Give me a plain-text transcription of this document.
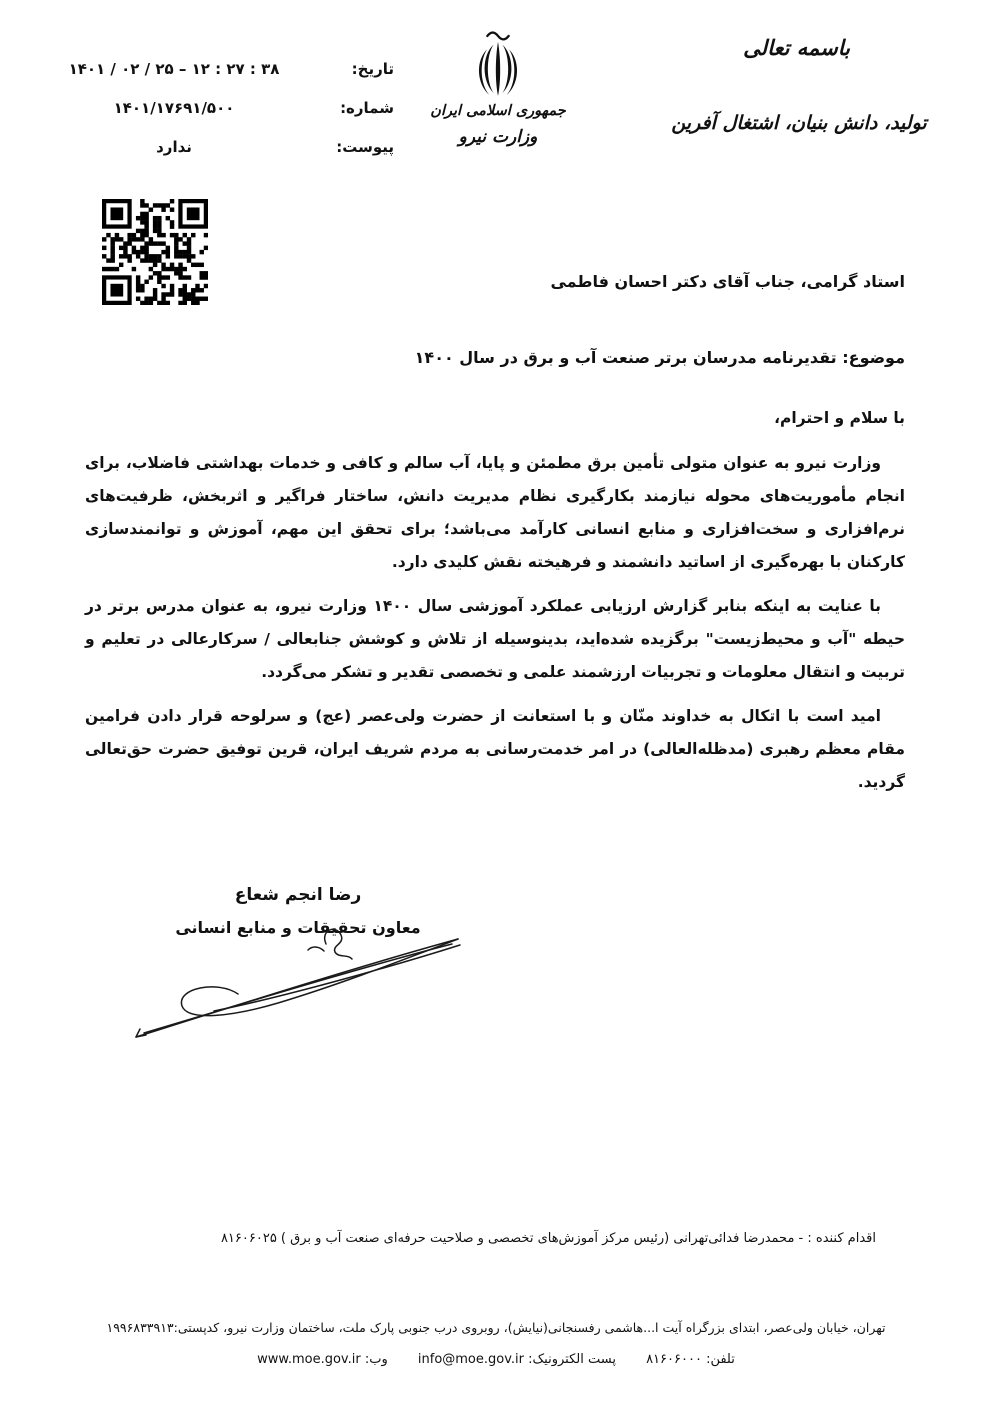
باسمه تعالی
تولید، دانش بنیان، اشتغال آفرین
جمهوری اسلامی ایران
وزارت نیرو
تاریخ:
۱۴۰۱ / ۰۲ / ۲۵ – ۱۲ : ۲۷ : ۳۸
شماره:
۱۴۰۱/۱۷۶۹۱/۵۰۰
پیوست:
ندارد
استاد گرامی، جناب آقای دکتر احسان فاطمی
موضوع: تقدیرنامه مدرسان برتر صنعت آب و برق در سال ۱۴۰۰
با سلام و احترام،

وزارت نیرو به عنوان متولی تأمین برق مطمئن و پایا، آب سالم و کافی و خدمات بهداشتی فاضلاب، برای انجام مأموریت‌های محوله نیازمند بکارگیری نظام مدیریت دانش، ساختار فراگیر و اثربخش، ظرفیت‌های نرم‌افزاری و سخت‌افزاری و منابع انسانی کارآمد می‌باشد؛ برای تحقق این مهم، آموزش و توانمندسازی کارکنان با بهره‌گیری از اساتید دانشمند و فرهیخته نقش کلیدی دارد.

با عنایت به اینکه بنابر گزارش ارزیابی عملکرد آموزشی سال ۱۴۰۰ وزارت نیرو، به عنوان مدرس برتر در حیطه "آب و محیط‌زیست" برگزیده شده‌اید، بدینوسیله از تلاش و کوشش جنابعالی / سرکارعالی در تعلیم و تربیت و انتقال معلومات و تجربیات ارزشمند علمی و تخصصی تقدیر و تشکر می‌گردد.

امید است با اتکال به خداوند منّان و با استعانت از حضرت ولی‌عصر (عج) و سرلوحه قرار دادن فرامین مقام معظم رهبری (مدظله‌العالی) در امر خدمت‌رسانی به مردم شریف ایران، قرین توفیق حضرت حق‌تعالی گردید.

رضا انجم شعاع
معاون تحقیقات و منابع انسانی
اقدام کننده : - محمدرضا فدائی‌تهرانی (رئیس مرکز آموزش‌های تخصصی و صلاحیت حرفه‌ای صنعت آب و برق ) ۸۱۶۰۶۰۲۵
تهران، خیابان ولی‌عصر، ابتدای بزرگراه آیت ا...هاشمی رفسنجانی(نیایش)، روبروی درب جنوبی پارک ملت، ساختمان وزارت نیرو، کدپستی:۱۹۹۶۸۳۳۹۱۳
تلفن: ۸۱۶۰۶۰۰۰ پست الکترونیک: info@moe.gov.ir وب: www.moe.gov.ir
